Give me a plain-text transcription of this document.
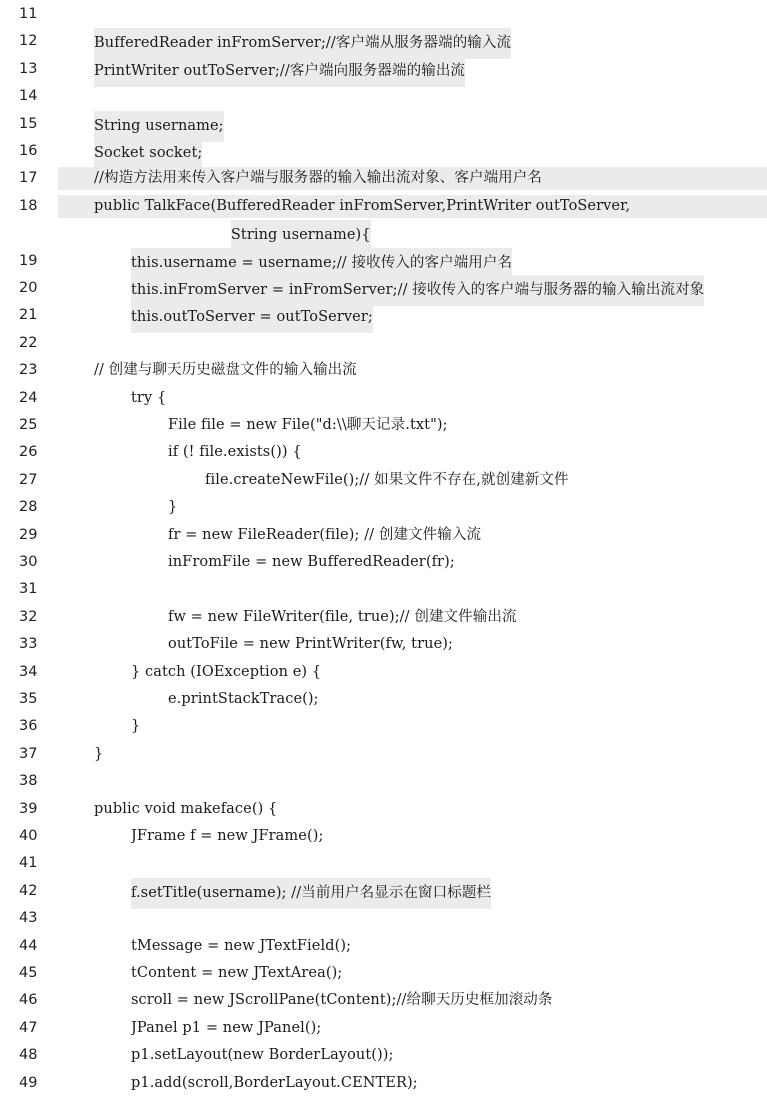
11
12	BufferedReader inFromServer;//客户端从服务器端的输入流
13	PrintWriter outToServer;//客户端向服务器端的输出流
14
15	String username;
16	Socket socket;
17	//构造方法用来传入客户端与服务器的输入输出流对象、客户端用户名
18	public TalkFace(BufferedReader inFromServer,PrintWriter outToServer,
String username){
19	this.username = username;// 接收传入的客户端用户名
20	this.inFromServer = inFromServer;// 接收传入的客户端与服务器的输入输出流对象
21	this.outToServer = outToServer;
22
23	// 创建与聊天历史磁盘文件的输入输出流
24	try {
25	File file = new File("d:\\聊天记录.txt");
26	if (! file.exists()) {
27	file.createNewFile();// 如果文件不存在,就创建新文件
28	}
29	fr = new FileReader(file); // 创建文件输入流
30	inFromFile = new BufferedReader(fr);
31
32	fw = new FileWriter(file, true);// 创建文件输出流
33	outToFile = new PrintWriter(fw, true);
34	} catch (IOException e) {
35	e.printStackTrace();
36	}
37	}
38
39	public void makeface() {
40	JFrame f = new JFrame();
41
42	f.setTitle(username); //当前用户名显示在窗口标题栏
43
44	tMessage = new JTextField();
45	tContent = new JTextArea();
46	scroll = new JScrollPane(tContent);//给聊天历史框加滚动条
47	JPanel p1 = new JPanel();
48	p1.setLayout(new BorderLayout());
49	p1.add(scroll,BorderLayout.CENTER);
